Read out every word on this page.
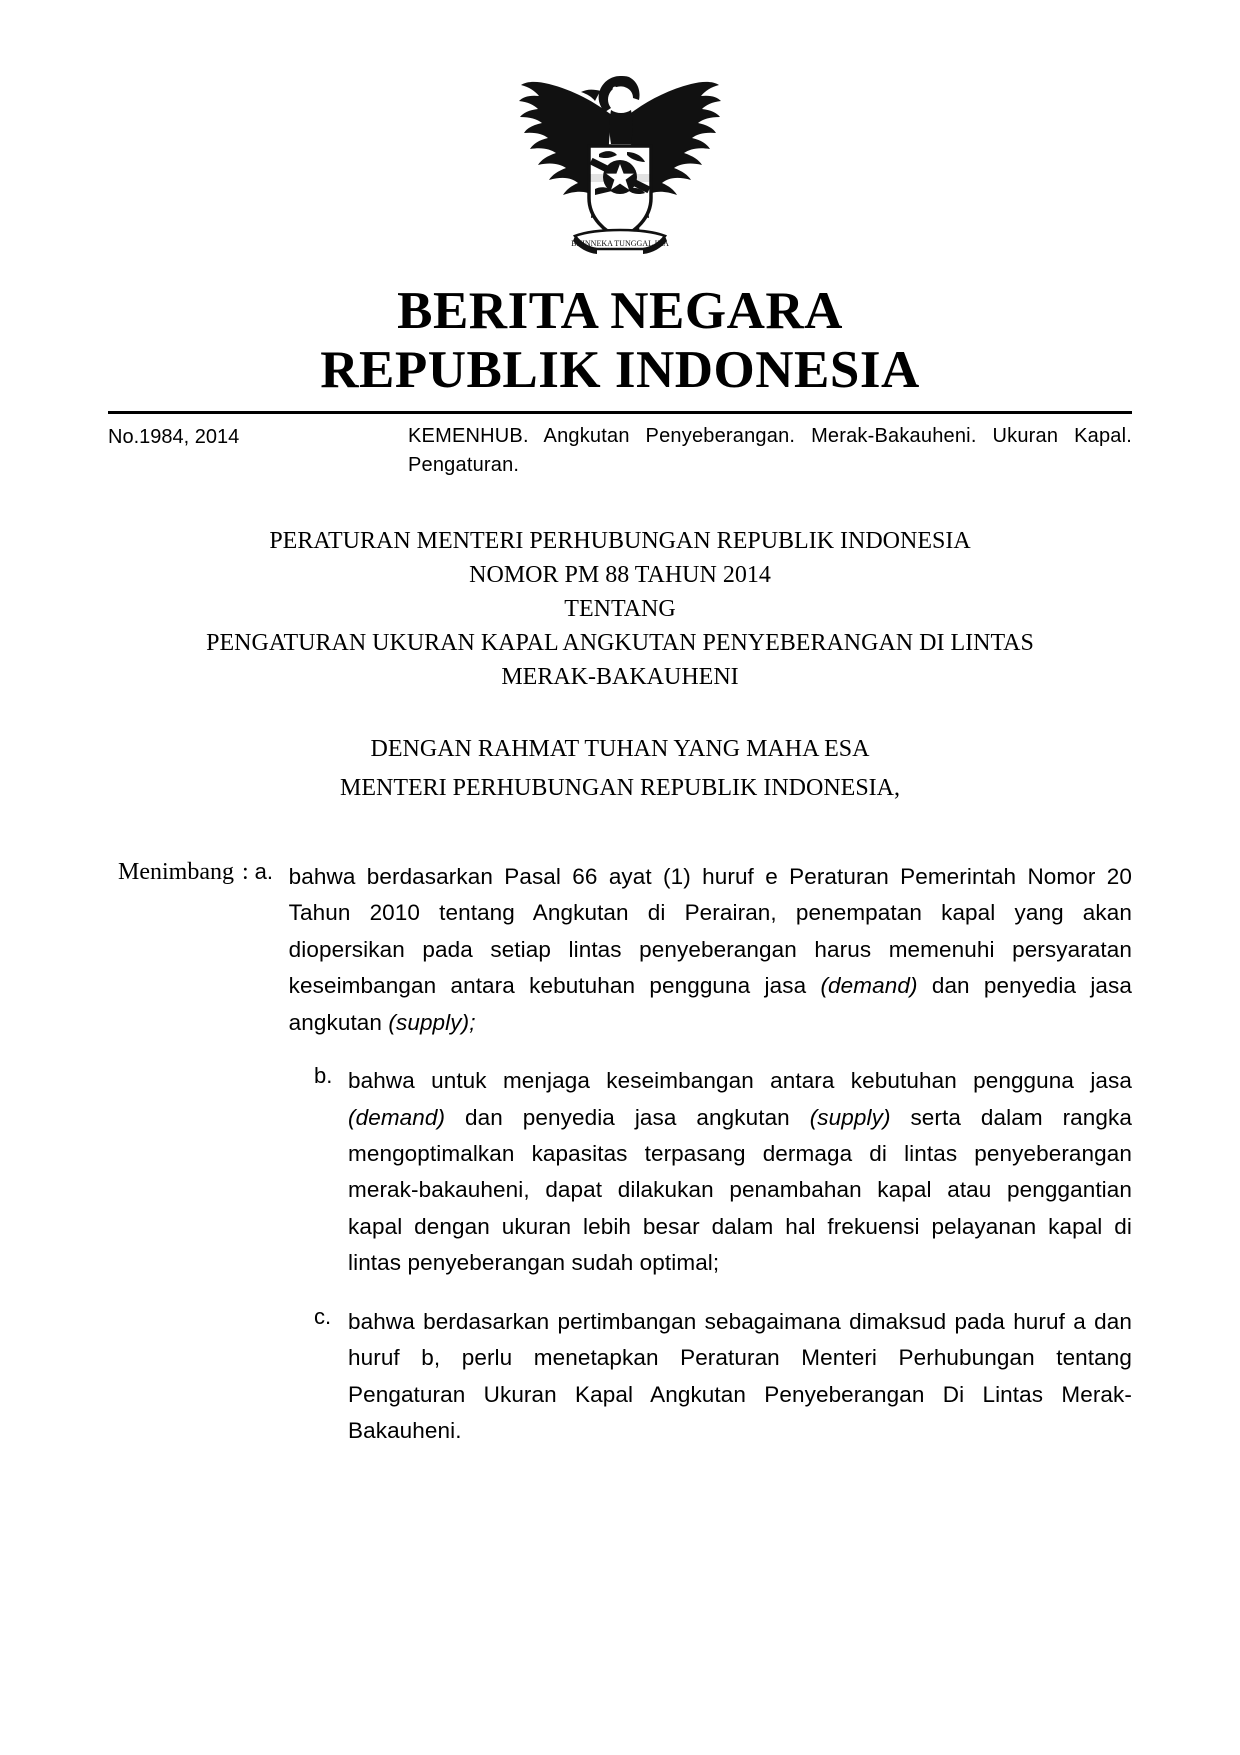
BHINNEKA TUNGGAL IKA
BERITA NEGARA
REPUBLIK INDONESIA
No.1984, 2014	KEMENHUB. Angkutan Penyeberangan. Merak-Bakauheni. Ukuran Kapal. Pengaturan.
PERATURAN MENTERI PERHUBUNGAN REPUBLIK INDONESIA
NOMOR PM 88 TAHUN 2014
TENTANG
PENGATURAN UKURAN KAPAL ANGKUTAN PENYEBERANGAN DI LINTAS
MERAK-BAKAUHENI
DENGAN RAHMAT TUHAN YANG MAHA ESA
MENTERI PERHUBUNGAN REPUBLIK INDONESIA,
Menimbang : a. bahwa berdasarkan Pasal 66 ayat (1) huruf e Peraturan Pemerintah Nomor 20 Tahun 2010 tentang Angkutan di Perairan, penempatan kapal yang akan diopersikan pada setiap lintas penyeberangan harus memenuhi persyaratan keseimbangan antara kebutuhan pengguna jasa (demand) dan penyedia jasa angkutan (supply);
b. bahwa untuk menjaga keseimbangan antara kebutuhan pengguna jasa (demand) dan penyedia jasa angkutan (supply) serta dalam rangka mengoptimalkan kapasitas terpasang dermaga di lintas penyeberangan merak-bakauheni, dapat dilakukan penambahan kapal atau penggantian kapal dengan ukuran lebih besar dalam hal frekuensi pelayanan kapal di lintas penyeberangan sudah optimal;
c. bahwa berdasarkan pertimbangan sebagaimana dimaksud pada huruf a dan huruf b, perlu menetapkan Peraturan Menteri Perhubungan tentang Pengaturan Ukuran Kapal Angkutan Penyeberangan Di Lintas Merak-Bakauheni.
